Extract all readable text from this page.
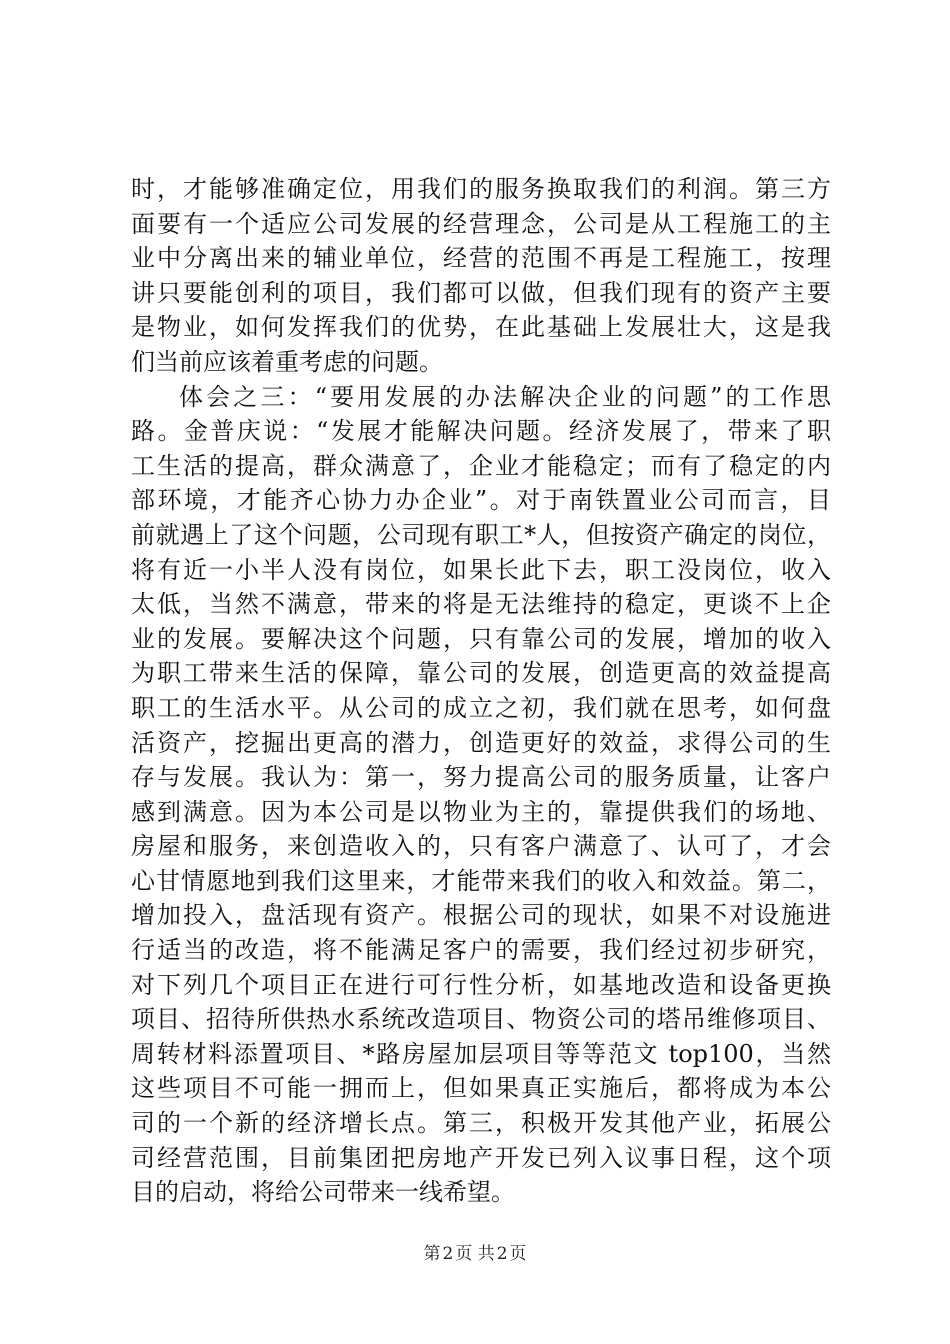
时，才能够准确定位，用我们的服务换取我们的利润。第三方
面要有一个适应公司发展的经营理念，公司是从工程施工的主
业中分离出来的辅业单位，经营的范围不再是工程施工，按理
讲只要能创利的项目，我们都可以做，但我们现有的资产主要
是物业，如何发挥我们的优势，在此基础上发展壮大，这是我
们当前应该着重考虑的问题。
体会之三：“要用发展的办法解决企业的问题”的工作思
路。金普庆说：“发展才能解决问题。经济发展了，带来了职
工生活的提高，群众满意了，企业才能稳定；而有了稳定的内
部环境，才能齐心协力办企业”。对于南铁置业公司而言，目
前就遇上了这个问题，公司现有职工*人，但按资产确定的岗位，
将有近一小半人没有岗位，如果长此下去，职工没岗位，收入
太低，当然不满意，带来的将是无法维持的稳定，更谈不上企
业的发展。要解决这个问题，只有靠公司的发展，增加的收入
为职工带来生活的保障，靠公司的发展，创造更高的效益提高
职工的生活水平。从公司的成立之初，我们就在思考，如何盘
活资产，挖掘出更高的潜力，创造更好的效益，求得公司的生
存与发展。我认为：第一，努力提高公司的服务质量，让客户
感到满意。因为本公司是以物业为主的，靠提供我们的场地、
房屋和服务，来创造收入的，只有客户满意了、认可了，才会
心甘情愿地到我们这里来，才能带来我们的收入和效益。第二，
增加投入，盘活现有资产。根据公司的现状，如果不对设施进
行适当的改造，将不能满足客户的需要，我们经过初步研究，
对下列几个项目正在进行可行性分析，如基地改造和设备更换
项目、招待所供热水系统改造项目、物资公司的塔吊维修项目、
周转材料添置项目、*路房屋加层项目等等范文 top100，当然
这些项目不可能一拥而上，但如果真正实施后，都将成为本公
司的一个新的经济增长点。第三，积极开发其他产业，拓展公
司经营范围，目前集团把房地产开发已列入议事日程，这个项
目的启动，将给公司带来一线希望。
第 2 页 共 2 页
